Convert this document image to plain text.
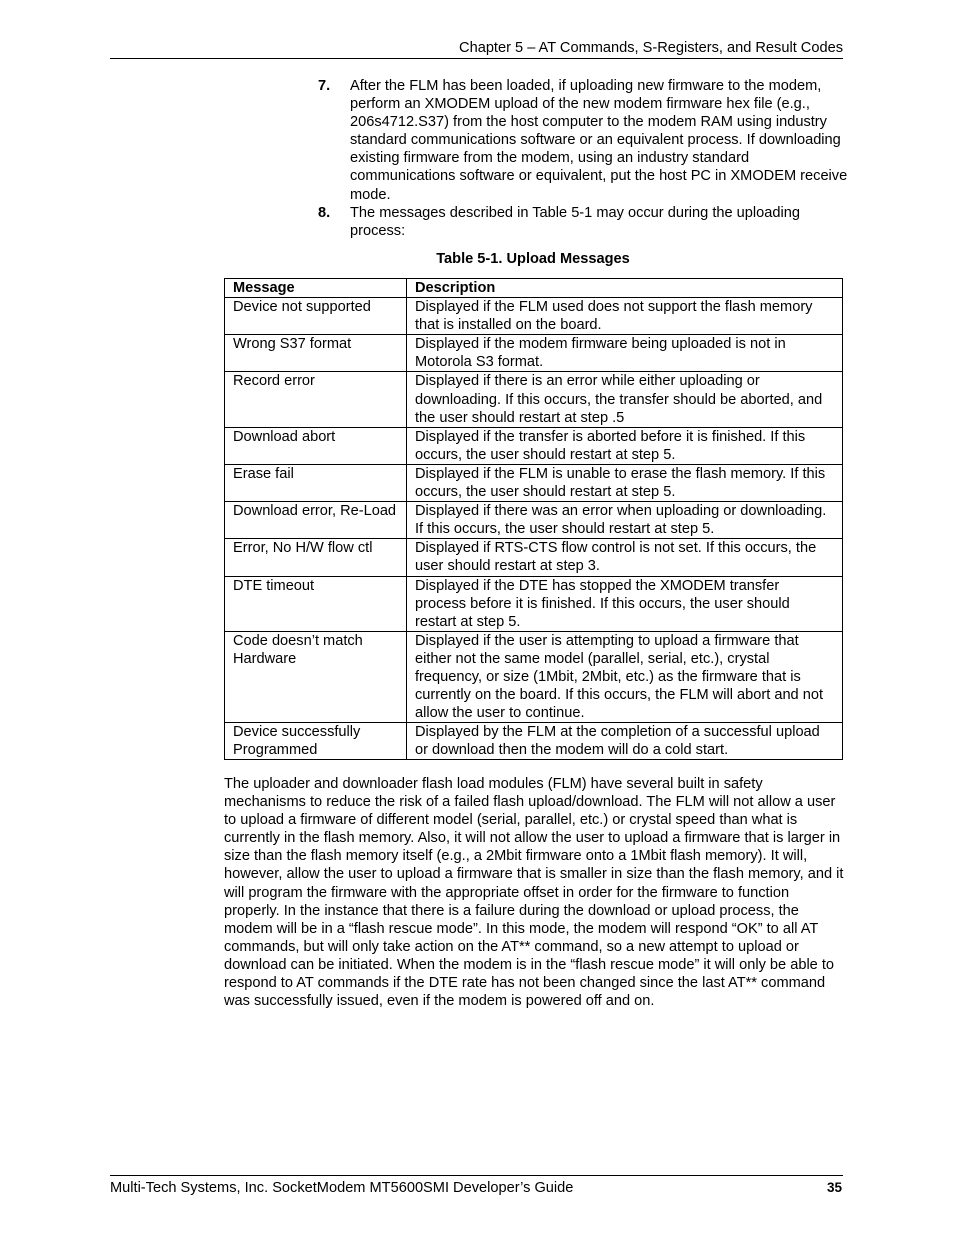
Chapter 5 – AT Commands, S-Registers, and Result Codes
7.	After the FLM has been loaded, if uploading new firmware to the modem, perform an XMODEM upload of the new modem firmware hex file (e.g., 206s4712.S37) from the host computer to the modem RAM using industry standard communications software or an equivalent process. If downloading existing firmware from the modem, using an industry standard communications software or equivalent, put the host PC in XMODEM receive mode.
8.	The messages described in Table 5-1 may occur during the uploading process:
Table 5-1. Upload Messages
Message	Description
Device not supported	Displayed if the FLM used does not support the flash memory that is installed on the board.
Wrong S37 format	Displayed if the modem firmware being uploaded is not in Motorola S3 format.
Record error	Displayed if there is an error while either uploading or downloading. If this occurs, the transfer should be aborted, and the user should restart at step .5
Download abort	Displayed if the transfer is aborted before it is finished. If this occurs, the user should restart at step 5.
Erase fail	Displayed if the FLM is unable to erase the flash memory. If this occurs, the user should restart at step 5.
Download error, Re-Load	Displayed if there was an error when uploading or downloading. If this occurs, the user should restart at step 5.
Error, No H/W flow ctl	Displayed if RTS-CTS flow control is not set. If this occurs, the user should restart at step 3.
DTE timeout	Displayed if the DTE has stopped the XMODEM transfer process before it is finished. If this occurs, the user should restart at step 5.
Code doesn’t match Hardware	Displayed if the user is attempting to upload a firmware that either not the same model (parallel, serial, etc.), crystal frequency, or size (1Mbit, 2Mbit, etc.) as the firmware that is currently on the board. If this occurs, the FLM will abort and not allow the user to continue.
Device successfully Programmed	Displayed by the FLM at the completion of a successful upload or download then the modem will do a cold start.

The uploader and downloader flash load modules (FLM) have several built in safety mechanisms to reduce the risk of a failed flash upload/download. The FLM will not allow a user to upload a firmware of different model (serial, parallel, etc.) or crystal speed than what is currently in the flash memory. Also, it will not allow the user to upload a firmware that is larger in size than the flash memory itself (e.g., a 2Mbit firmware onto a 1Mbit flash memory). It will, however, allow the user to upload a firmware that is smaller in size than the flash memory, and it will program the firmware with the appropriate offset in order for the firmware to function properly. In the instance that there is a failure during the download or upload process, the modem will be in a “flash rescue mode”. In this mode, the modem will respond “OK” to all AT commands, but will only take action on the AT** command, so a new attempt to upload or download can be initiated. When the modem is in the “flash rescue mode” it will only be able to respond to AT commands if the DTE rate has not been changed since the last AT** command was successfully issued, even if the modem is powered off and on.

Multi-Tech Systems, Inc. SocketModem MT5600SMI Developer’s Guide	35
